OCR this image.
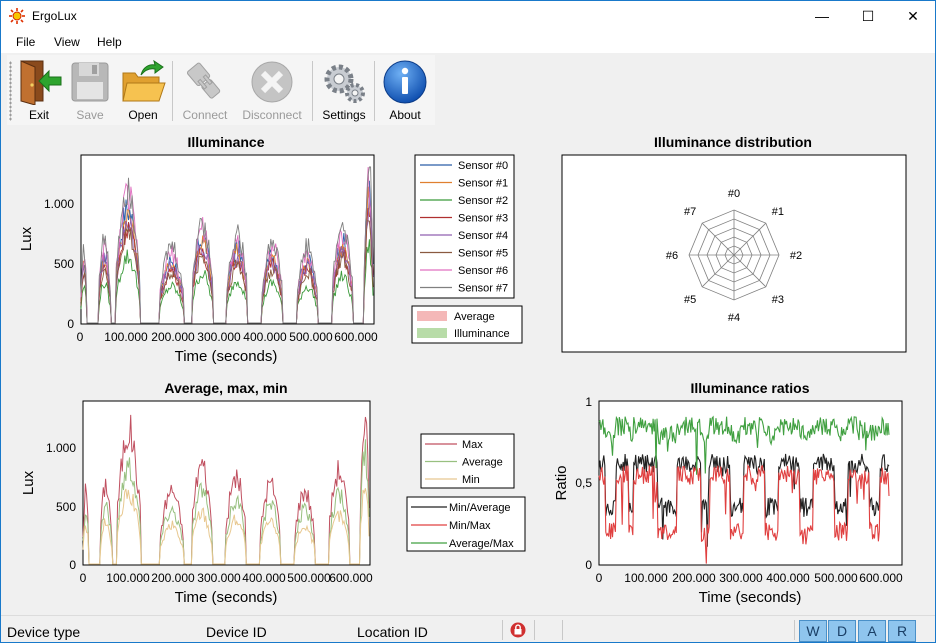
ErgoLux	—	☐	✕
File View Help
Exit	Save	Open	Connect	Disconnect	Settings	About
Illuminance
0 100.000 200.000 300.000 400.000 500.000 600.000
0
500
1.000
Time (seconds)
Lux
Sensor #0
Sensor #1
Sensor #2
Sensor #3
Sensor #4
Sensor #5
Sensor #6
Sensor #7
Average
Illuminance
Illuminance distribution
#0
#1
#2
#3
#4
#5
#6
#7
Average, max, min
0 100.000 200.000 300.000 400.000 500.000
600.000
0
500
1.000
Time (seconds)
Lux
Max
Average
Min
Illuminance ratios
0 100.000 200.000 300.000 400.000 500.000 600.000
0
0,5
1
Time (seconds)
Ratio
Min/Average
Min/Max
Average/Max
Device type	Device ID	Location ID	W	D	A	R
